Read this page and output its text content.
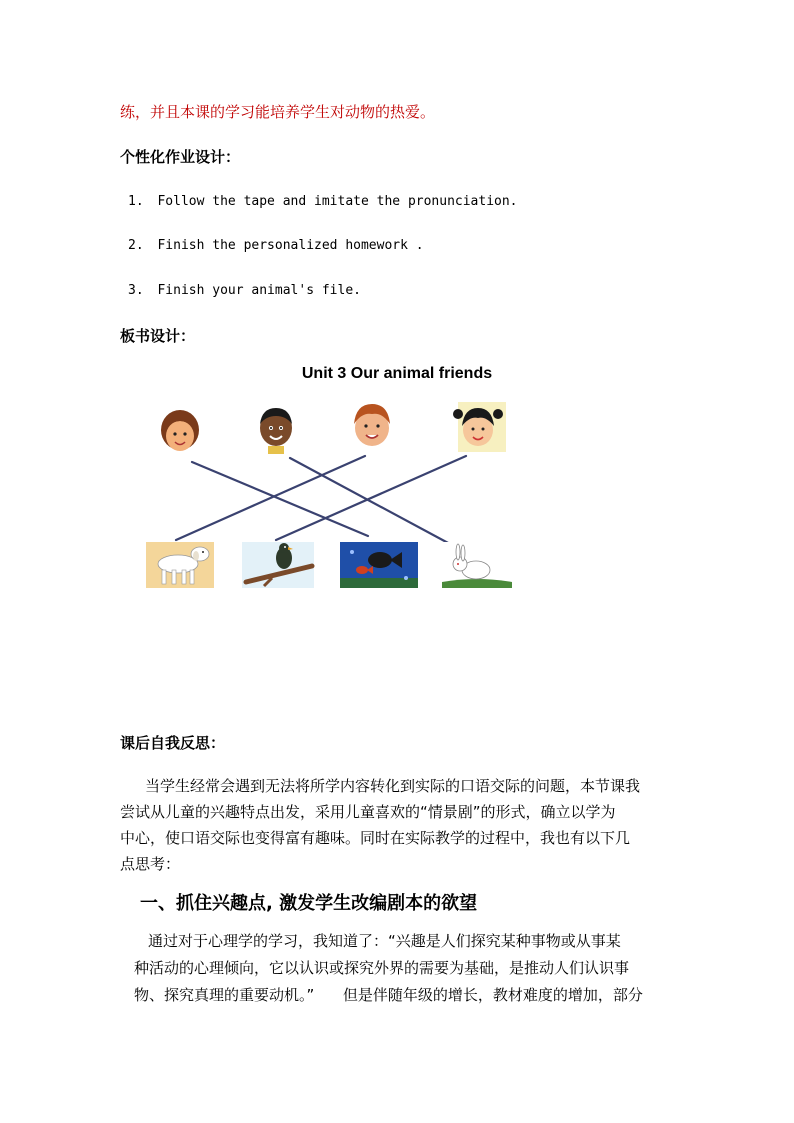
练，并且本课的学习能培养学生对动物的热爱。
个性化作业设计：
1. Follow the tape and imitate the pronunciation.
2. Finish the personalized homework .
3. Finish your animal's file.
板书设计：
Unit 3 Our animal friends
课后自我反思：
当学生经常会遇到无法将所学内容转化到实际的口语交际的问题，本节课我
尝试从儿童的兴趣特点出发，采用儿童喜欢的“情景剧”的形式，确立以学为
中心，使口语交际也变得富有趣味。同时在实际教学的过程中，我也有以下几
点思考：
一、抓住兴趣点, 激发学生改编剧本的欲望
通过对于心理学的学习，我知道了：“兴趣是人们探究某种事物或从事某
种活动的心理倾向，它以认识或探究外界的需要为基础，是推动人们认识事
物、探究真理的重要动机。”      但是伴随年级的增长，教材难度的增加，部分
